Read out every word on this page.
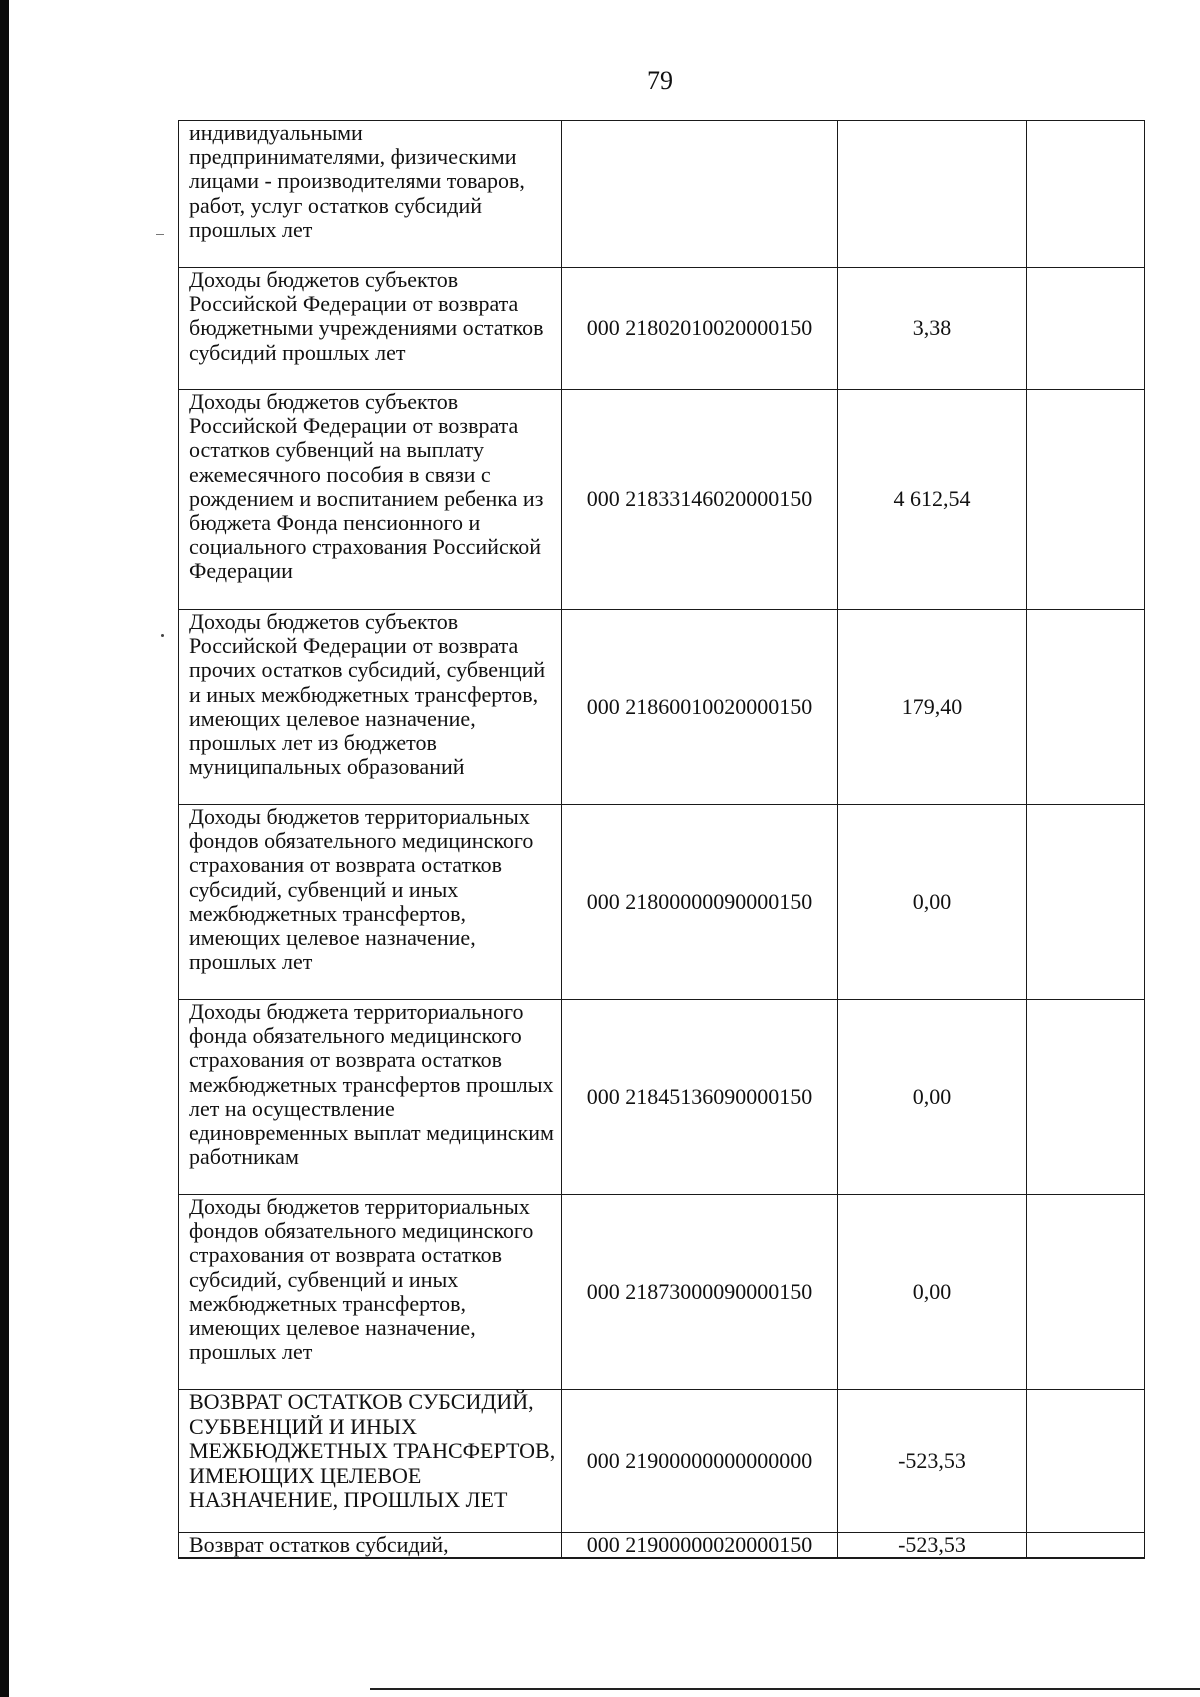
79
индивидуальными предпринимателями, физическими лицами - производителями товаров, работ, услуг остатков субсидий прошлых лет			
Доходы бюджетов субъектов Российской Федерации от возврата бюджетными учреждениями остатков субсидий прошлых лет	000 21802010020000150	3,38	
Доходы бюджетов субъектов Российской Федерации от возврата остатков субвенций на выплату ежемесячного пособия в связи с рождением и воспитанием ребенка из бюджета Фонда пенсионного и социального страхования Российской Федерации	000 21833146020000150	4 612,54	
Доходы бюджетов субъектов Российской Федерации от возврата прочих остатков субсидий, субвенций и иных межбюджетных трансфертов, имеющих целевое назначение, прошлых лет из бюджетов муниципальных образований	000 21860010020000150	179,40	
Доходы бюджетов территориальных фондов обязательного медицинского страхования от возврата остатков субсидий, субвенций и иных межбюджетных трансфертов, имеющих целевое назначение, прошлых лет	000 21800000090000150	0,00	
Доходы бюджета территориального фонда обязательного медицинского страхования от возврата остатков межбюджетных трансфертов прошлых лет на осуществление единовременных выплат медицинским работникам	000 21845136090000150	0,00	
Доходы бюджетов территориальных фондов обязательного медицинского страхования от возврата остатков субсидий, субвенций и иных межбюджетных трансфертов, имеющих целевое назначение, прошлых лет	000 21873000090000150	0,00	
ВОЗВРАТ ОСТАТКОВ СУБСИДИЙ, СУБВЕНЦИЙ И ИНЫХ МЕЖБЮДЖЕТНЫХ ТРАНСФЕРТОВ, ИМЕЮЩИХ ЦЕЛЕВОЕ НАЗНАЧЕНИЕ, ПРОШЛЫХ ЛЕТ	000 21900000000000000	-523,53	
Возврат остатков субсидий,	000 21900000020000150	-523,53	
